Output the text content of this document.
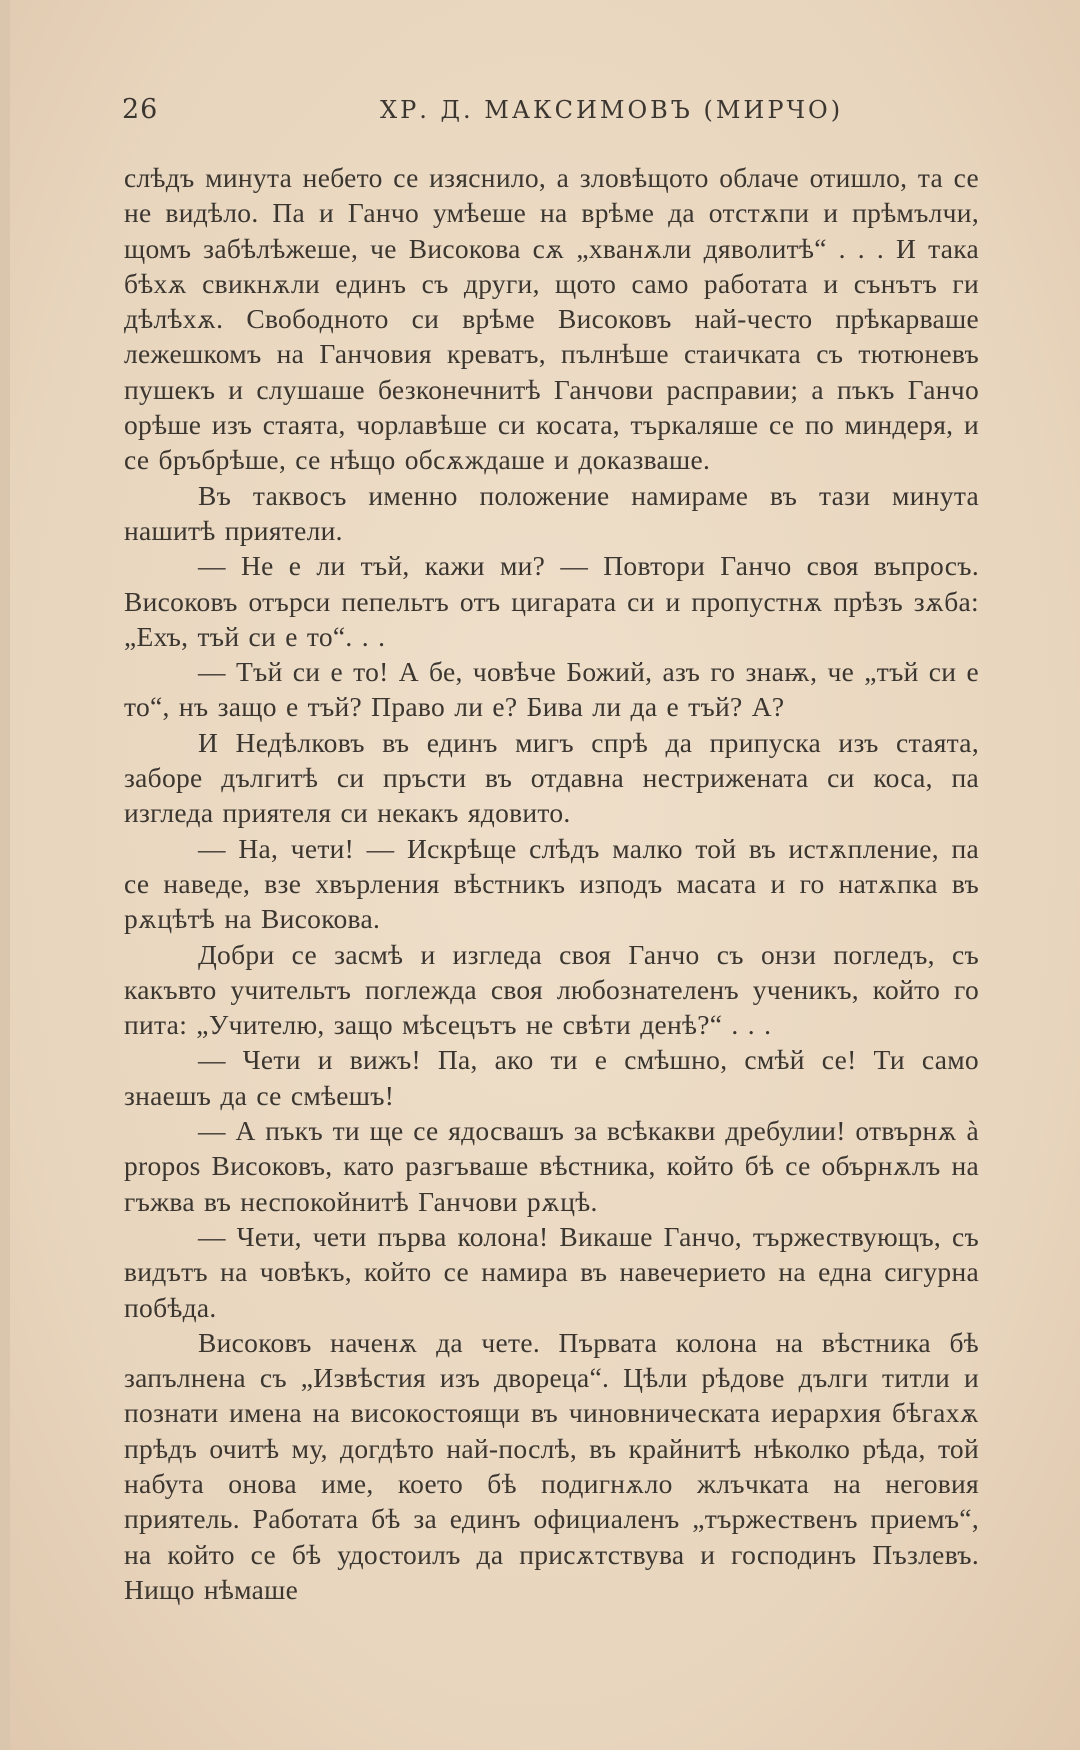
26	ХР. Д. МАКСИМОВЪ (МИРЧО)

слѣдъ минута небето се изяснило, а зловѣщото облаче отишло, та се не видѣло. Па и Ганчо умѣеше на врѣме да отстѫпи и прѣмълчи, щомъ забѣлѣжеше, че Високова сѫ „хванѫли дяволитѣ“ . . . И така бѣхѫ свикнѫли единъ съ други, щото само работата и сънътъ ги дѣлѣхѫ. Свободното си врѣме Високовъ най-често прѣкарваше лежешкомъ на Ганчовия креватъ, пълнѣше стаичката съ тютюневъ пушекъ и слушаше безконечнитѣ Ганчови расправии; а пъкъ Ганчо орѣше изъ стаята, чорлавѣше си косата, търкаляше се по миндеря, и се бръбрѣше, се нѣщо обсѫждаше и доказваше.

Въ таквосъ именно положение намираме въ тази минута нашитѣ приятели.

— Не е ли тъй, кажи ми? — Повтори Ганчо своя въпросъ. Високовъ отърси пепельтъ отъ цигарата си и пропустнѫ прѣзъ зѫба: „Ехъ, тъй си е то“. . .

— Тъй си е то! А бе, човѣче Божий, азъ го знаѭ, че „тъй си е то“, нъ защо е тъй? Право ли е? Бива ли да е тъй? А?

И Недѣлковъ въ единъ мигъ спрѣ да припуска изъ стаята, заборе дългитѣ си пръсти въ отдавна нестрижената си коса, па изгледа приятеля си некакъ ядовито.

— На, чети! — Искрѣще слѣдъ малко той въ истѫпление, па се наведе, взе хвърления вѣстникъ изподъ масата и го натѫпка въ рѫцѣтѣ на Високова.

Добри се засмѣ и изгледа своя Ганчо съ онзи погледъ, съ какъвто учительтъ поглежда своя любознателенъ ученикъ, който го пита: „Учителю, защо мѣсецътъ не свѣти денѣ?“ . . .

— Чети и вижъ! Па, ако ти е смѣшно, смѣй се! Ти само знаешъ да се смѣешъ!

— А пъкъ ти ще се ядосвашъ за всѣкакви дребулии! отвърнѫ à propos Високовъ, като разгъваше вѣстника, който бѣ се обърнѫлъ на гъжва въ неспокойнитѣ Ганчови рѫцѣ.

— Чети, чети първа колона! Викаше Ганчо, тържествующъ, съ видътъ на човѣкъ, който се намира въ навечерието на една сигурна побѣда.

Високовъ наченѫ да чете. Първата колона на вѣстника бѣ запълнена съ „Извѣстия изъ двореца“. Цѣли рѣдове дълги титли и познати имена на високостоящи въ чиновническата иерархия бѣгахѫ прѣдъ очитѣ му, догдѣто най-послѣ, въ крайнитѣ нѣколко рѣда, той набута онова име, което бѣ подигнѫло жлъчката на неговия приятель. Работата бѣ за единъ официаленъ „тържественъ приемъ“, на който се бѣ удостоилъ да присѫтствува и господинъ Пъзлевъ. Нищо нѣмаше
